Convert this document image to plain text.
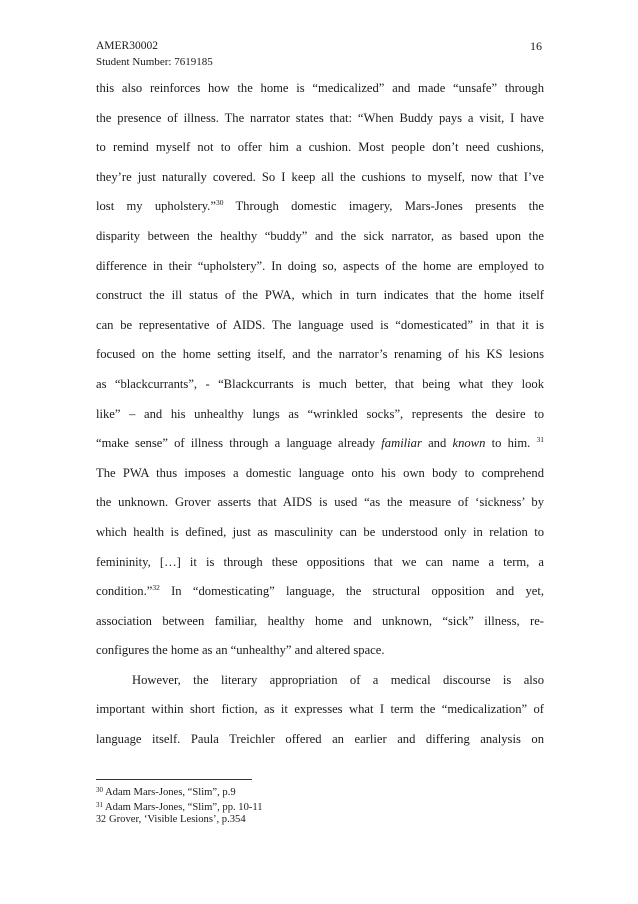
AMER30002
Student Number: 7619185
16
this also reinforces how the home is “medicalized” and made “unsafe” through
the presence of illness. The narrator states that: “When Buddy pays a visit, I have
to remind myself not to offer him a cushion. Most people don’t need cushions,
they’re just naturally covered. So I keep all the cushions to myself, now that I’ve
lost my upholstery.”$^{30}$ Through domestic imagery, Mars-Jones presents the
disparity between the healthy “buddy” and the sick narrator, as based upon the
difference in their “upholstery”. In doing so, aspects of the home are employed to
construct the ill status of the PWA, which in turn indicates that the home itself
can be representative of AIDS. The language used is “domesticated” in that it is
focused on the home setting itself, and the narrator’s renaming of his KS lesions
as “blackcurrants”, - “Blackcurrants is much better, that being what they look
like” – and his unhealthy lungs as “wrinkled socks”, represents the desire to
“make sense” of illness through a language already familiar and known to him. $^{31}$
The PWA thus imposes a domestic language onto his own body to comprehend
the unknown. Grover asserts that AIDS is used “as the measure of ‘sickness’ by
which health is defined, just as masculinity can be understood only in relation to
femininity, […] it is through these oppositions that we can name a term, a
condition.”$^{32}$ In “domesticating” language, the structural opposition and yet,
association between familiar, healthy home and unknown, “sick” illness, re-
configures the home as an “unhealthy” and altered space.
However, the literary appropriation of a medical discourse is also
important within short fiction, as it expresses what I term the “medicalization” of
language itself. Paula Treichler offered an earlier and differing analysis on
$^{30}$ Adam Mars-Jones, “Slim”, p.9
$^{31}$ Adam Mars-Jones, “Slim”, pp. 10-11
32 Grover, ‘Visible Lesions’, p.354
